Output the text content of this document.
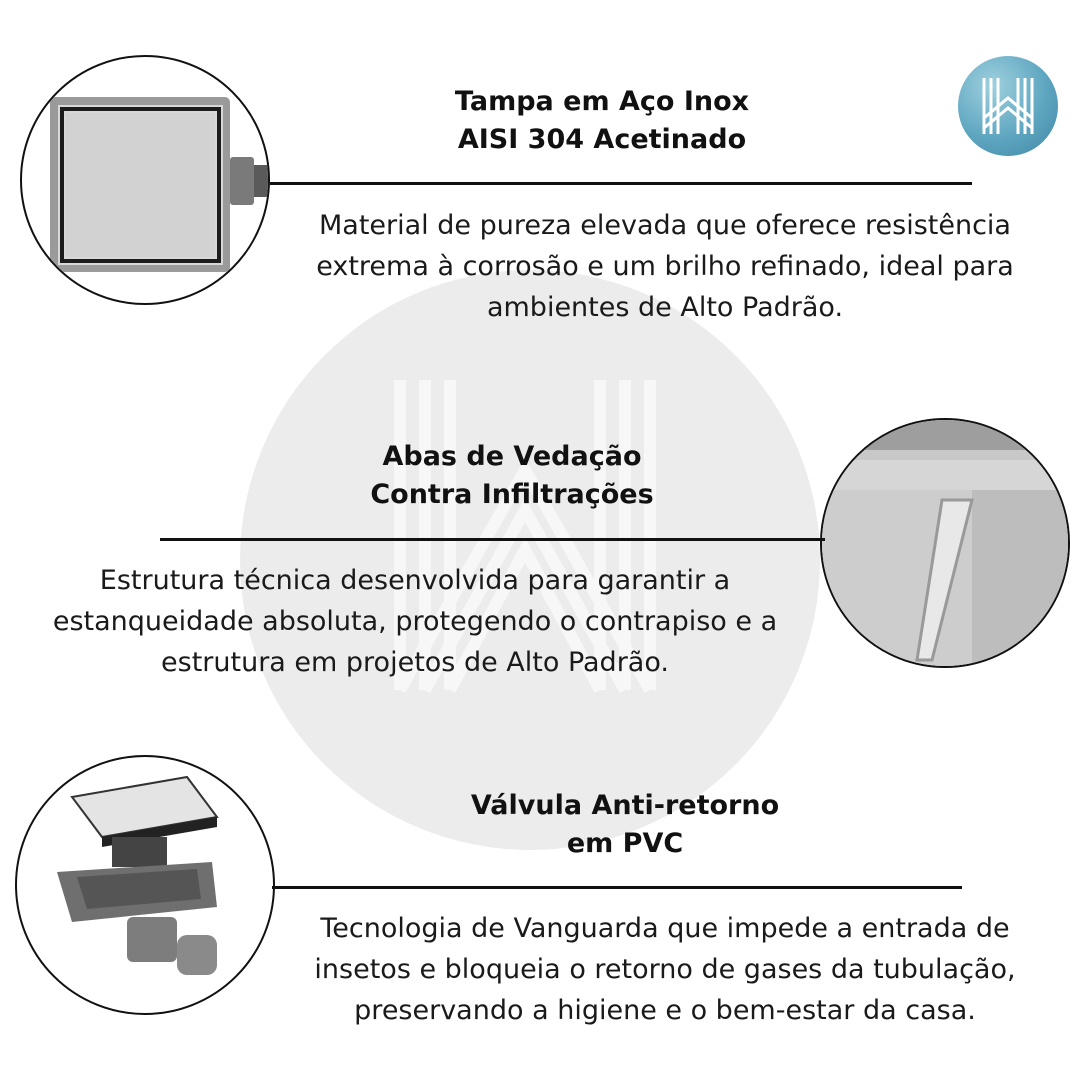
Tampa em Aço Inox
AISI 304 Acetinado
Material de pureza elevada que oferece resistência
extrema à corrosão e um brilho refinado, ideal para
ambientes de Alto Padrão.
Abas de Vedação
Contra Infiltrações
Estrutura técnica desenvolvida para garantir a
estanqueidade absoluta, protegendo o contrapiso e a
estrutura em projetos de Alto Padrão.
Válvula Anti-retorno
em PVC
Tecnologia de Vanguarda que impede a entrada de
insetos e bloqueia o retorno de gases da tubulação,
preservando a higiene e o bem-estar da casa.
